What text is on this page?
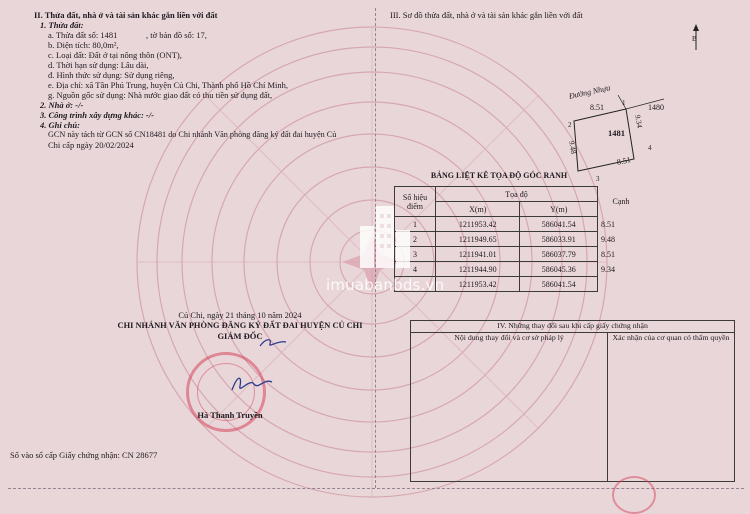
II. Thửa đất, nhà ở và tài sản khác gắn liền với đất
1. Thửa đất:
a. Thửa đất số: 1481	, tờ bản đồ số: 17,
b. Diện tích: 80,0m²,
c. Loại đất: Đất ở tại nông thôn (ONT),
d. Thời hạn sử dụng: Lâu dài,
đ. Hình thức sử dụng: Sử dụng riêng,
e. Địa chỉ: xã Tân Phú Trung, huyện Củ Chi, Thành phố Hồ Chí Minh,
g. Nguồn gốc sử dụng: Nhà nước giao đất có thu tiền sử dụng đất,
2. Nhà ở: -/-
3. Công trình xây dựng khác: -/-
4. Ghi chú:
GCN này tách từ GCN số CN18481 do Chi nhánh Văn phòng đăng ký đất đai huyện Củ
Chi cấp ngày 20/02/2024
Củ Chi, ngày 21 tháng 10 năm 2024
CHI NHÁNH VĂN PHÒNG ĐĂNG KÝ ĐẤT ĐAI HUYỆN CỦ CHI
GIÁM ĐỐC
Hà Thanh Truyền
Số vào sổ cấp Giấy chứng nhận: CN 28677
III. Sơ đồ thửa đất, nhà ở và tài sản khác gắn liền với đất
B
Đường Nhựa
8.51	1480
1
2
3
4
9.48
9.34
1481
8.51
BẢNG LIỆT KÊ TỌA ĐỘ GÓC RANH
Số hiệu điểm	Tọa độ		Cạnh
	X(m)	Y(m)	
1	1211953.42	586041.54	8.51
2	1211949.65	586033.91	9.48
3	1211941.01	586037.79	8.51
4	1211944.90	586045.36	9.34
	1211953.42	586041.54	
imuabanbds.vn
IV. Những thay đổi sau khi cấp giấy chứng nhận
Nội dung thay đổi và cơ sở pháp lý	Xác nhận của cơ quan có thẩm quyền
